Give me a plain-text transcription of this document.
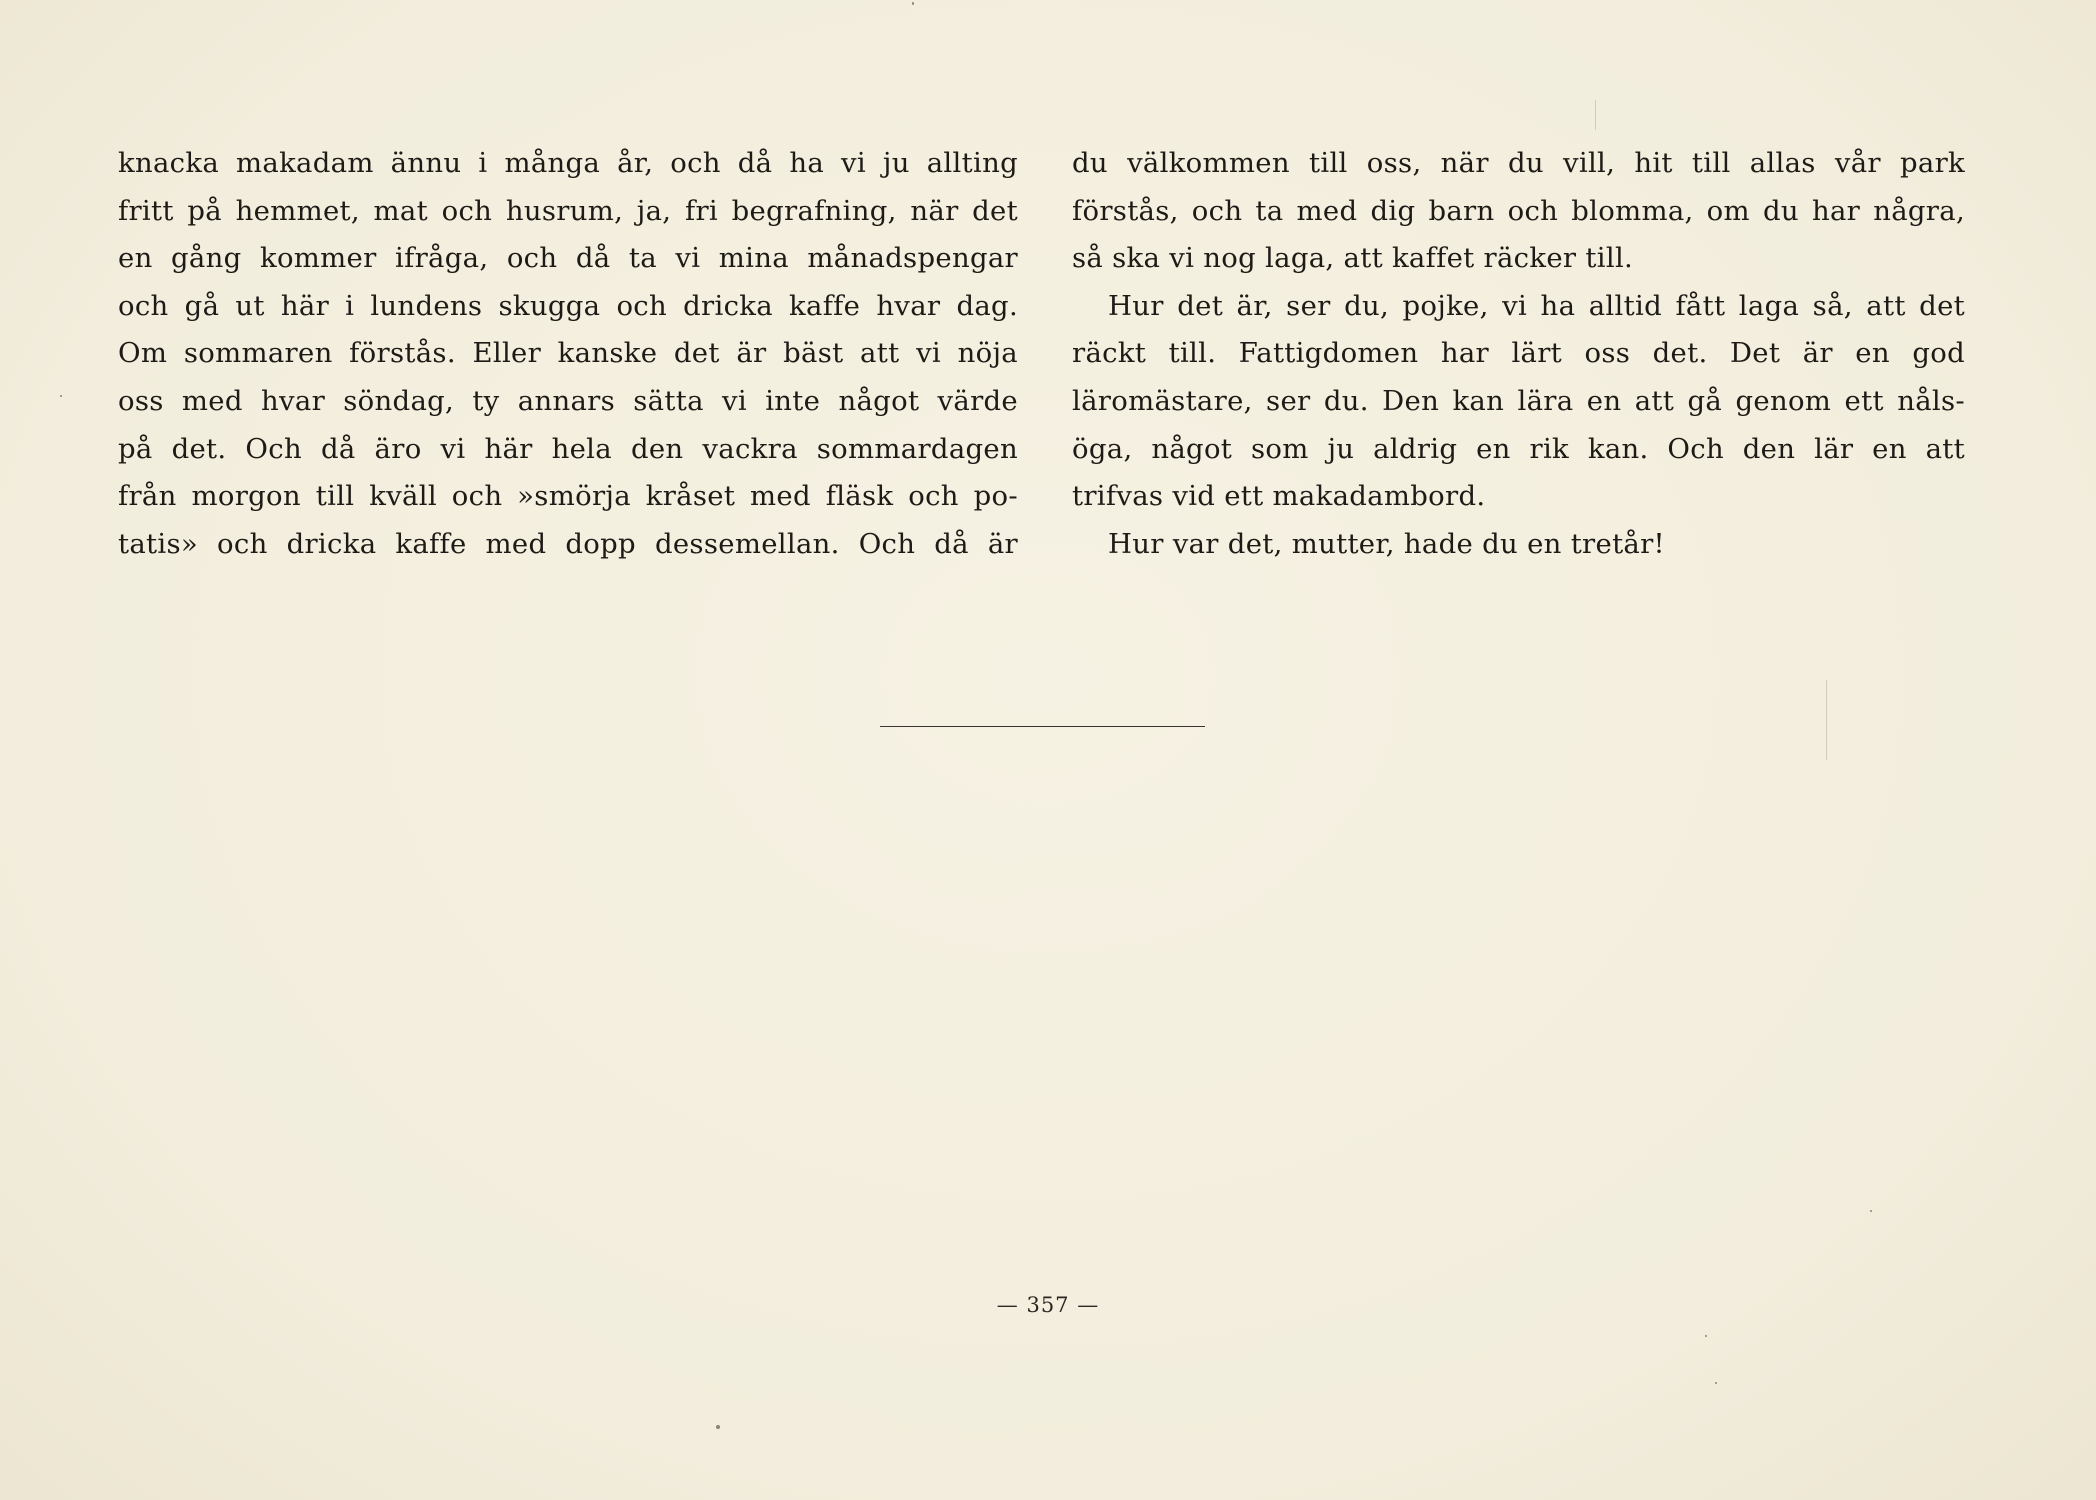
knacka makadam ännu i många år, och då ha vi ju allting
fritt på hemmet, mat och husrum, ja, fri begrafning, när det
en gång kommer ifråga, och då ta vi mina månadspengar
och gå ut här i lundens skugga och dricka kaffe hvar dag.
Om sommaren förstås. Eller kanske det är bäst att vi nöja
oss med hvar söndag, ty annars sätta vi inte något värde
på det. Och då äro vi här hela den vackra sommardagen
från morgon till kväll och »smörja kråset med fläsk och po-
tatis» och dricka kaffe med dopp dessemellan. Och då är
du välkommen till oss, när du vill, hit till allas vår park
förstås, och ta med dig barn och blomma, om du har några,
så ska vi nog laga, att kaffet räcker till.
Hur det är, ser du, pojke, vi ha alltid fått laga så, att det
räckt till. Fattigdomen har lärt oss det. Det är en god
läromästare, ser du. Den kan lära en att gå genom ett nåls-
öga, något som ju aldrig en rik kan. Och den lär en att
trifvas vid ett makadambord.
Hur var det, mutter, hade du en tretår!
— 357 —
